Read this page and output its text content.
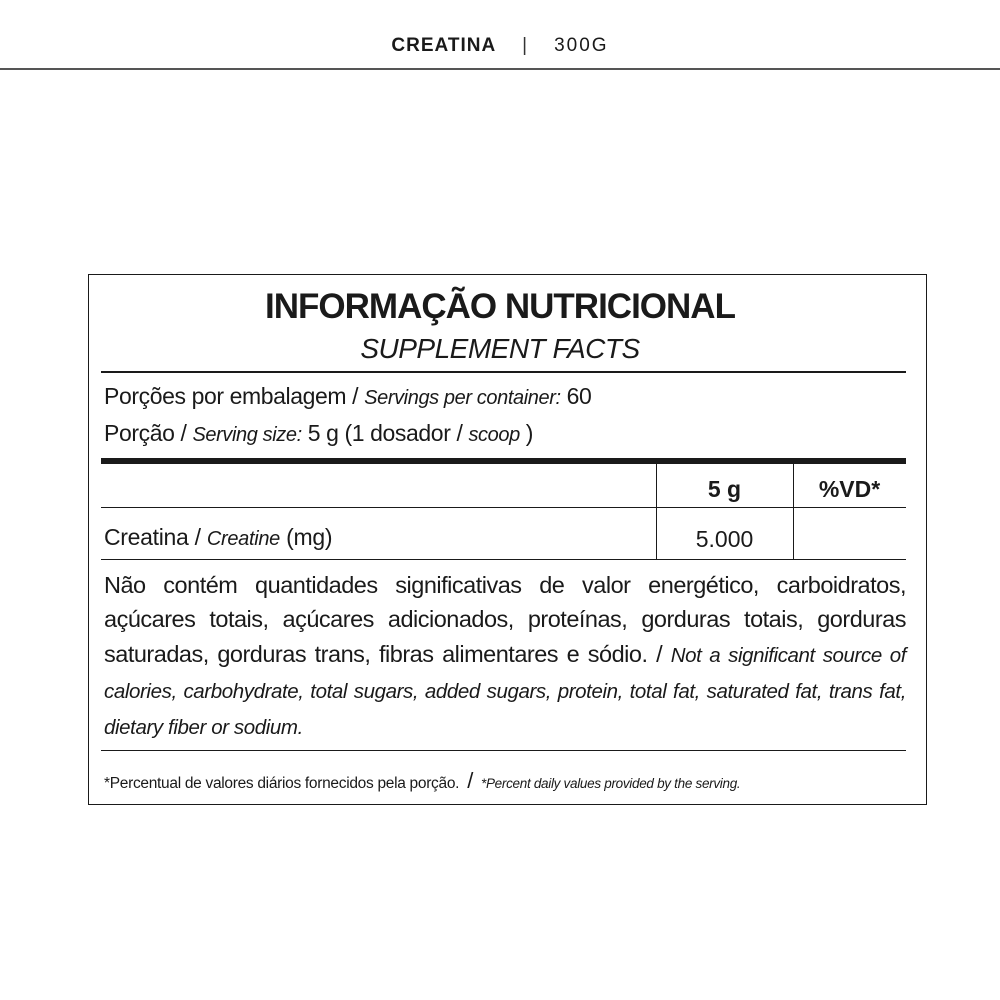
CREATINA | 300G
INFORMAÇÃO NUTRICIONAL
SUPPLEMENT FACTS
Porções por embalagem / Servings per container: 60
Porção / Serving size: 5 g (1 dosador / scoop )
5 g	%VD*
Creatina / Creatine (mg)	5.000
Não contém quantidades significativas de valor energético, carboidratos, açúcares totais, açúcares adicionados, proteínas, gorduras totais, gorduras saturadas, gorduras trans, fibras alimentares e sódio. / Not a significant source of calories, carbohydrate, total sugars, added sugars, protein, total fat, saturated fat, trans fat, dietary fiber or sodium.
*Percentual de valores diários fornecidos pela porção. / *Percent daily values provided by the serving.
